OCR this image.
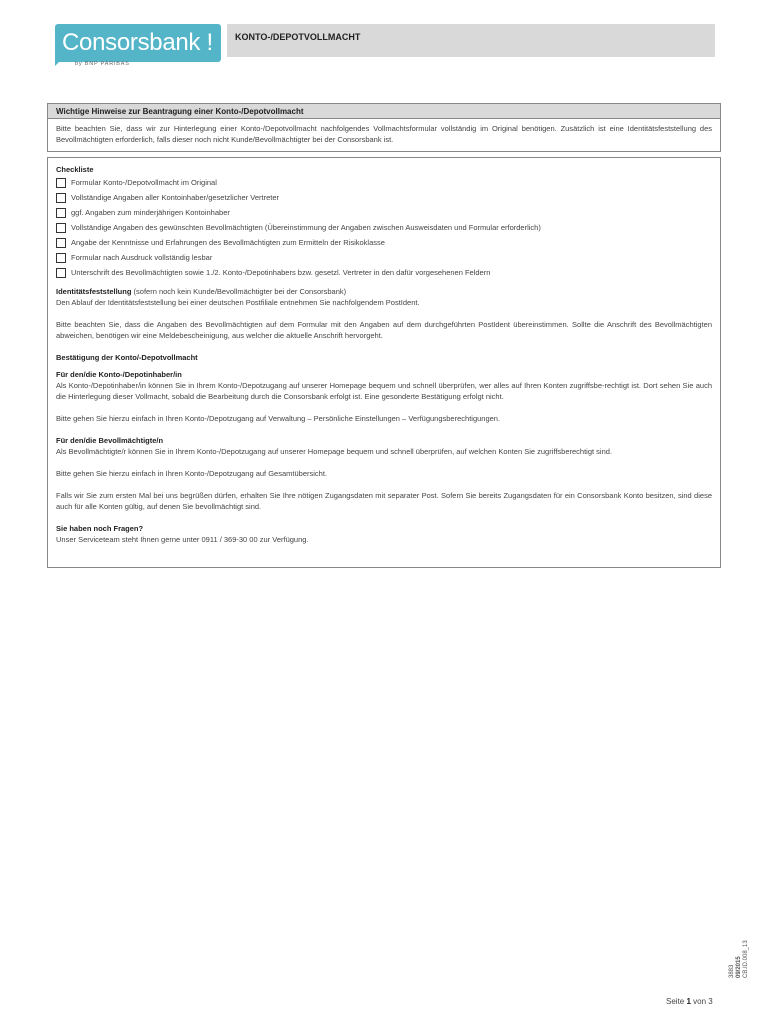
Consorsbank !
by BNP PARIBAS
KONTO-/DEPOTVOLLMACHT
Wichtige Hinweise zur Beantragung einer Konto-/Depotvollmacht
Bitte beachten Sie, dass wir zur Hinterlegung einer Konto-/Depotvollmacht nachfolgendes Vollmachtsformular vollständig im Original benötigen. Zusätzlich ist eine Identitätsfeststellung des Bevollmächtigten erforderlich, falls dieser noch nicht Kunde/Bevollmächtigter bei der Consorsbank ist.
Checkliste
Formular Konto-/Depotvollmacht im Original
Vollständige Angaben aller Kontoinhaber/gesetzlicher Vertreter
ggf. Angaben zum minderjährigen Kontoinhaber
Vollständige Angaben des gewünschten Bevollmächtigten (Übereinstimmung der Angaben zwischen Ausweisdaten und Formular erforderlich)
Angabe der Kenntnisse und Erfahrungen des Bevollmächtigten zum Ermitteln der Risikoklasse
Formular nach Ausdruck vollständig lesbar
Unterschrift des Bevollmächtigten sowie 1./2. Konto-/Depotinhabers bzw. gesetzl. Vertreter in den dafür vorgesehenen Feldern

Identitätsfeststellung (sofern noch kein Kunde/Bevollmächtigter bei der Consorsbank)

Den Ablauf der Identitätsfeststellung bei einer deutschen Postfiliale entnehmen Sie nachfolgendem PostIdent.

Bitte beachten Sie, dass die Angaben des Bevollmächtigten auf dem Formular mit den Angaben auf dem durchgeführten PostIdent übereinstimmen. Sollte die Anschrift des Bevollmächtigten abweichen, benötigen wir eine Meldebescheinigung, aus welcher die aktuelle Anschrift hervorgeht.

Bestätigung der Konto/-Depotvollmacht

Für den/die Konto-/Depotinhaber/in

Als Konto-/Depotinhaber/in können Sie in Ihrem Konto-/Depotzugang auf unserer Homepage bequem und schnell überprüfen, wer alles auf Ihren Konten zugriffsbe-rechtigt ist. Dort sehen Sie auch die Hinterlegung dieser Vollmacht, sobald die Bearbeitung durch die Consorsbank erfolgt ist. Eine gesonderte Bestätigung erfolgt nicht.

Bitte gehen Sie hierzu einfach in Ihren Konto-/Depotzugang auf Verwaltung – Persönliche Einstellungen – Verfügungsberechtigungen.

Für den/die Bevollmächtigte/n

Als Bevollmächtigte/r können Sie in Ihrem Konto-/Depotzugang auf unserer Homepage bequem und schnell überprüfen, auf welchen Konten Sie zugriffsberechtigt sind.

Bitte gehen Sie hierzu einfach in Ihren Konto-/Depotzugang auf Gesamtübersicht.

Falls wir Sie zum ersten Mal bei uns begrüßen dürfen, erhalten Sie Ihre nötigen Zugangsdaten mit separater Post. Sofern Sie bereits Zugangsdaten für ein Consorsbank Konto besitzen, sind diese auch für alle Konten gültig, auf denen Sie bevollmächtigt sind.

Sie haben noch Fragen?

Unser Serviceteam steht Ihnen gerne unter 0911 / 369-30 00 zur Verfügung.

3883 09/2015 CB.ID.008_13
Seite 1 von 3
